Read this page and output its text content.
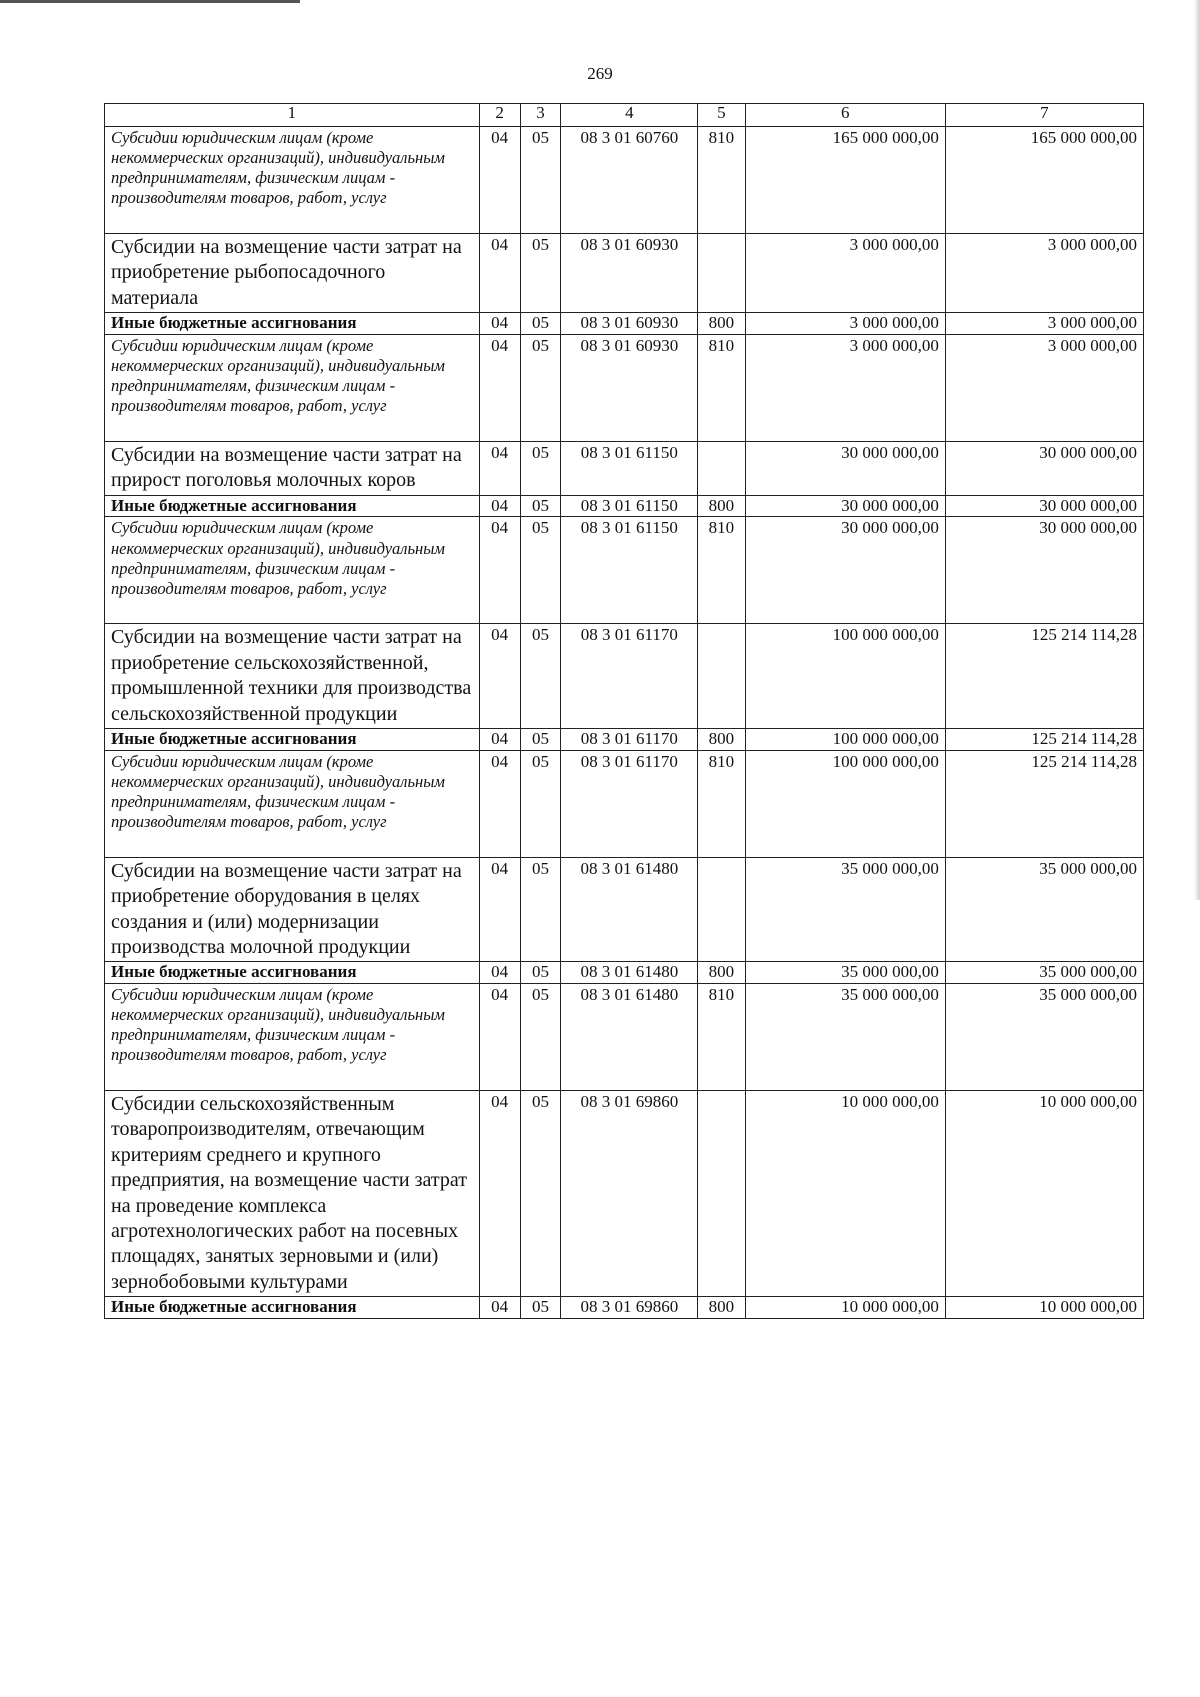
269
1	2	3	4	5	6	7
Субсидии юридическим лицам (кроме некоммерческих организаций), индивидуальным предпринимателям, физическим лицам - производителям товаров, работ, услуг	04	05	08 3 01 60760	810	165 000 000,00	165 000 000,00
Субсидии на возмещение части затрат на приобретение рыбопосадочного материала	04	05	08 3 01 60930		3 000 000,00	3 000 000,00
Иные бюджетные ассигнования	04	05	08 3 01 60930	800	3 000 000,00	3 000 000,00
Субсидии юридическим лицам (кроме некоммерческих организаций), индивидуальным предпринимателям, физическим лицам - производителям товаров, работ, услуг	04	05	08 3 01 60930	810	3 000 000,00	3 000 000,00
Субсидии на возмещение части затрат на прирост поголовья молочных коров	04	05	08 3 01 61150		30 000 000,00	30 000 000,00
Иные бюджетные ассигнования	04	05	08 3 01 61150	800	30 000 000,00	30 000 000,00
Субсидии юридическим лицам (кроме некоммерческих организаций), индивидуальным предпринимателям, физическим лицам - производителям товаров, работ, услуг	04	05	08 3 01 61150	810	30 000 000,00	30 000 000,00
Субсидии на возмещение части затрат на приобретение сельскохозяйственной, промышленной техники для производства сельскохозяйственной продукции	04	05	08 3 01 61170		100 000 000,00	125 214 114,28
Иные бюджетные ассигнования	04	05	08 3 01 61170	800	100 000 000,00	125 214 114,28
Субсидии юридическим лицам (кроме некоммерческих организаций), индивидуальным предпринимателям, физическим лицам - производителям товаров, работ, услуг	04	05	08 3 01 61170	810	100 000 000,00	125 214 114,28
Субсидии на возмещение части затрат на приобретение оборудования в целях создания и (или) модернизации производства молочной продукции	04	05	08 3 01 61480		35 000 000,00	35 000 000,00
Иные бюджетные ассигнования	04	05	08 3 01 61480	800	35 000 000,00	35 000 000,00
Субсидии юридическим лицам (кроме некоммерческих организаций), индивидуальным предпринимателям, физическим лицам - производителям товаров, работ, услуг	04	05	08 3 01 61480	810	35 000 000,00	35 000 000,00
Субсидии сельскохозяйственным товаропроизводителям, отвечающим критериям среднего и крупного предприятия, на возмещение части затрат на проведение комплекса агротехнологических работ на посевных площадях, занятых зерновыми и (или) зернобобовыми культурами	04	05	08 3 01 69860		10 000 000,00	10 000 000,00
Иные бюджетные ассигнования	04	05	08 3 01 69860	800	10 000 000,00	10 000 000,00
